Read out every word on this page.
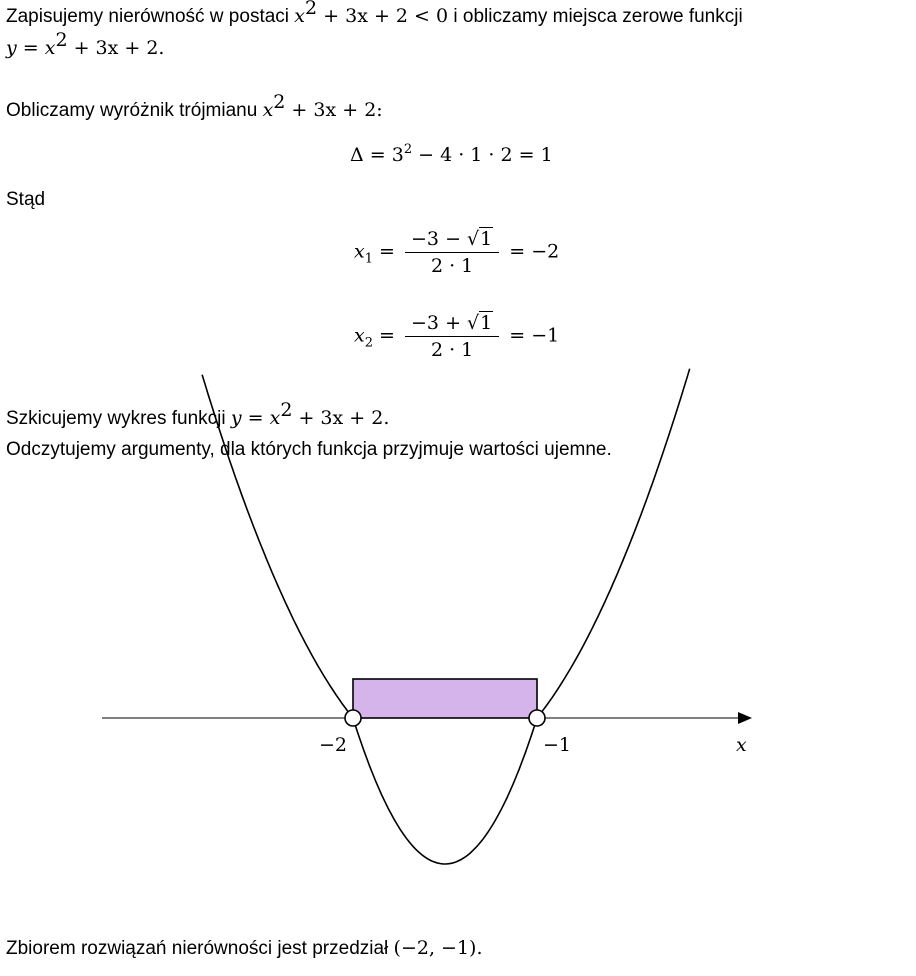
Zapisujemy nierówność w postaci $x^2 + 3x + 2 < 0$ i obliczamy miejsca zerowe funkcji
$y = x^2 + 3x + 2$.
Obliczamy wyróżnik trójmianu $x^2 + 3x + 2$:
$\Delta = 3^2 - 4 \cdot 1 \cdot 2 = 1$
Stąd
$x_1 = \frac{-3 - √1}{2 \cdot 1} = -2$
$x_2 = \frac{-3 + √1}{2 \cdot 1} = -1$
Szkicujemy wykres funkcji $y = x^2 + 3x + 2$.
Odczytujemy argumenty, dla których funkcja przyjmuje wartości ujemne.
−2	−1	x
Zbiorem rozwiązań nierówności jest przedział (−2, −1).
